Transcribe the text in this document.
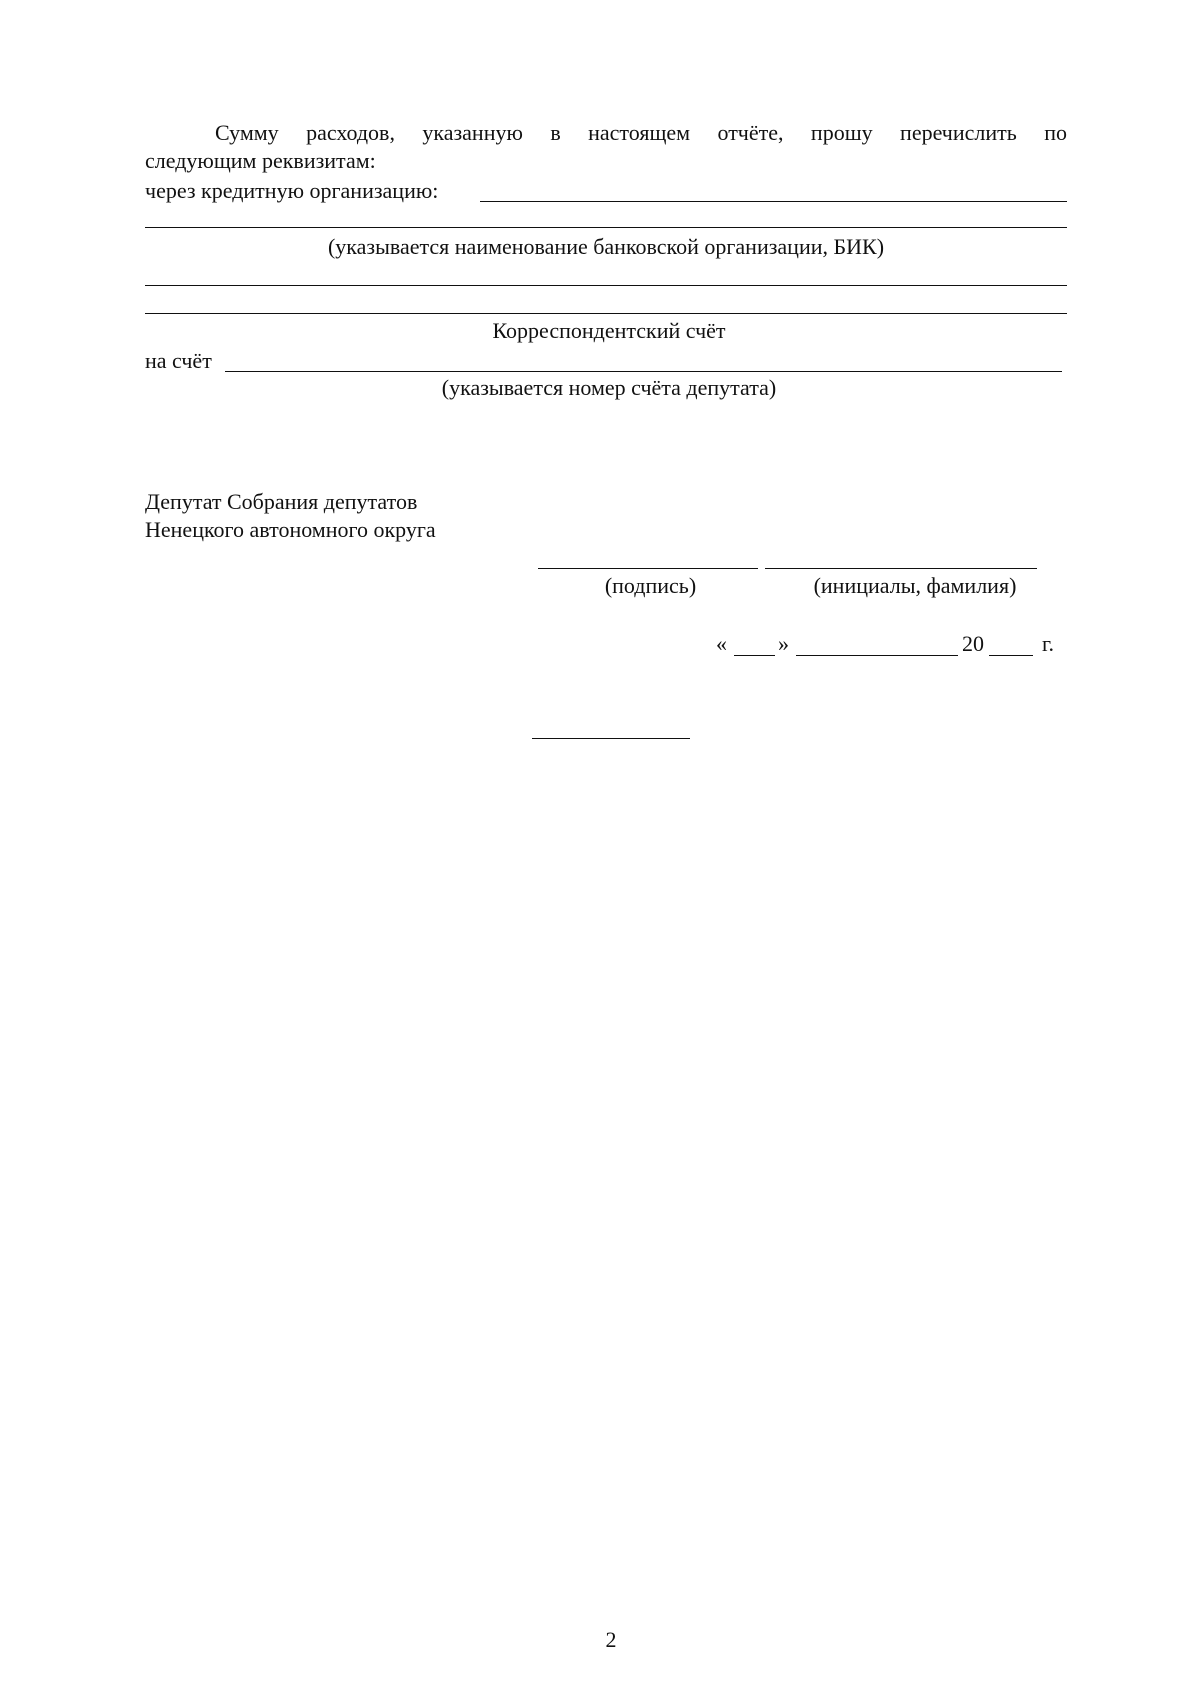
Сумму расходов, указанную в настоящем отчёте, прошу перечислить по
следующим реквизитам:
через кредитную организацию:
(указывается наименование банковской организации, БИК)
Корреспондентский счёт
на счёт
(указывается номер счёта депутата)
Депутат Собрания депутатов
Ненецкого автономного округа
(подпись)	(инициалы, фамилия)
« »	20	г.
2
